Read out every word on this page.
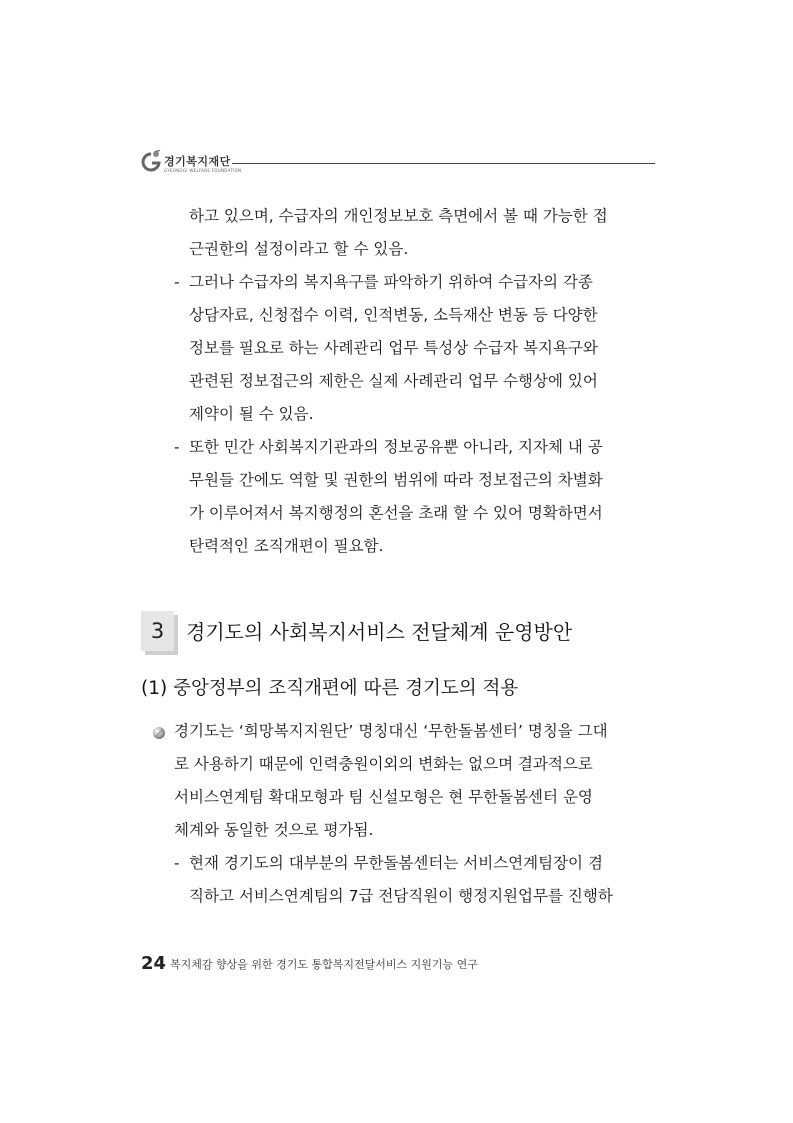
경기복지재단
GYEONGGI WELFARE FOUNDATION
하고 있으며, 수급자의 개인정보보호 측면에서 볼 때 가능한 접
근권한의 설정이라고 할 수 있음.
- 그러나 수급자의 복지욕구를 파악하기 위하여 수급자의 각종
상담자료, 신청접수 이력, 인적변동, 소득재산 변동 등 다양한
정보를 필요로 하는 사례관리 업무 특성상 수급자 복지욕구와
관련된 정보접근의 제한은 실제 사례관리 업무 수행상에 있어
제약이 될 수 있음.
- 또한 민간 사회복지기관과의 정보공유뿐 아니라, 지자체 내 공
무원들 간에도 역할 및 권한의 범위에 따라 정보접근의 차별화
가 이루어져서 복지행정의 혼선을 초래 할 수 있어 명확하면서
탄력적인 조직개편이 필요함.
3	경기도의 사회복지서비스 전달체계 운영방안
(1) 중앙정부의 조직개편에 따른 경기도의 적용
경기도는 ‘희망복지지원단’ 명칭대신 ‘무한돌봄센터’ 명칭을 그대
로 사용하기 때문에 인력충원이외의 변화는 없으며 결과적으로
서비스연계팀 확대모형과 팀 신설모형은 현 무한돌봄센터 운영
체계와 동일한 것으로 평가됨.
- 현재 경기도의 대부분의 무한돌봄센터는 서비스연계팀장이 겸
직하고 서비스연계팀의 7급 전담직원이 행정지원업무를 진행하
24 복지체감 향상을 위한 경기도 통합복지전달서비스 지원기능 연구
